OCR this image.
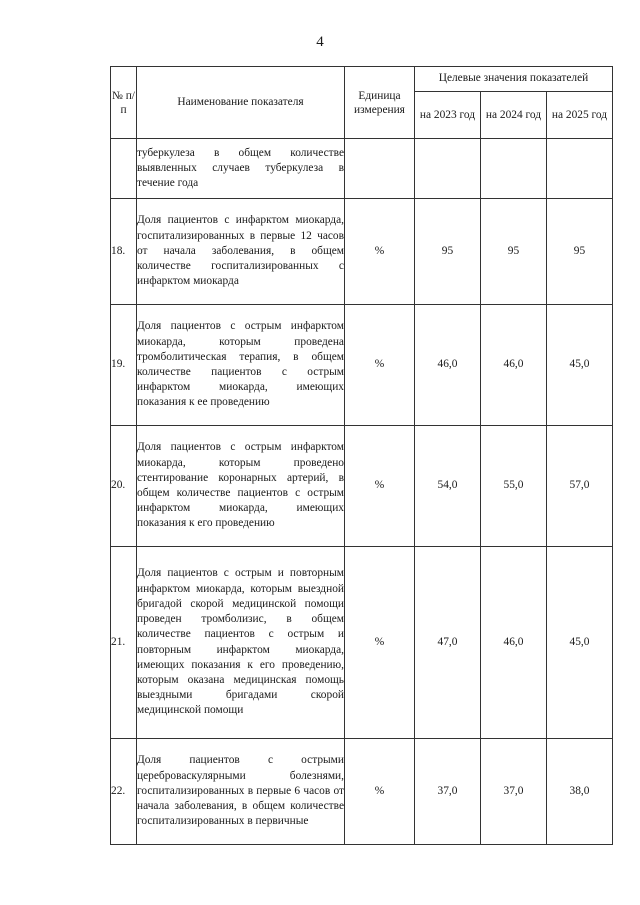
4
№ п/п	Наименование показателя	Единица измерения	Целевые значения показателей		
			на 2023 год	на 2024 год	на 2025 год
	туберкулеза в общем количестве выявленных случаев туберкулеза в течение года				
18.	Доля пациентов с инфарктом миокарда, госпитализированных в первые 12 часов от начала заболевания, в общем количестве госпитализированных с инфарктом миокарда	%	95	95	95
19.	Доля пациентов с острым инфарктом миокарда, которым проведена тромболитическая терапия, в общем количестве пациентов с острым инфарктом миокарда, имеющих показания к ее проведению	%	46,0	46,0	45,0
20.	Доля пациентов с острым инфарктом миокарда, которым проведено стентирование коронарных артерий, в общем количестве пациентов с острым инфарктом миокарда, имеющих показания к его проведению	%	54,0	55,0	57,0
21.	Доля пациентов с острым и повторным инфарктом миокарда, которым выездной бригадой скорой медицинской помощи проведен тромболизис, в общем количестве пациентов с острым и повторным инфарктом миокарда, имеющих показания к его проведению, которым оказана медицинская помощь выездными бригадами скорой медицинской помощи	%	47,0	46,0	45,0
22.	Доля пациентов с острыми цереброваскулярными болезнями, госпитализированных в первые 6 часов от начала заболевания, в общем количестве госпитализированных в первичные	%	37,0	37,0	38,0
